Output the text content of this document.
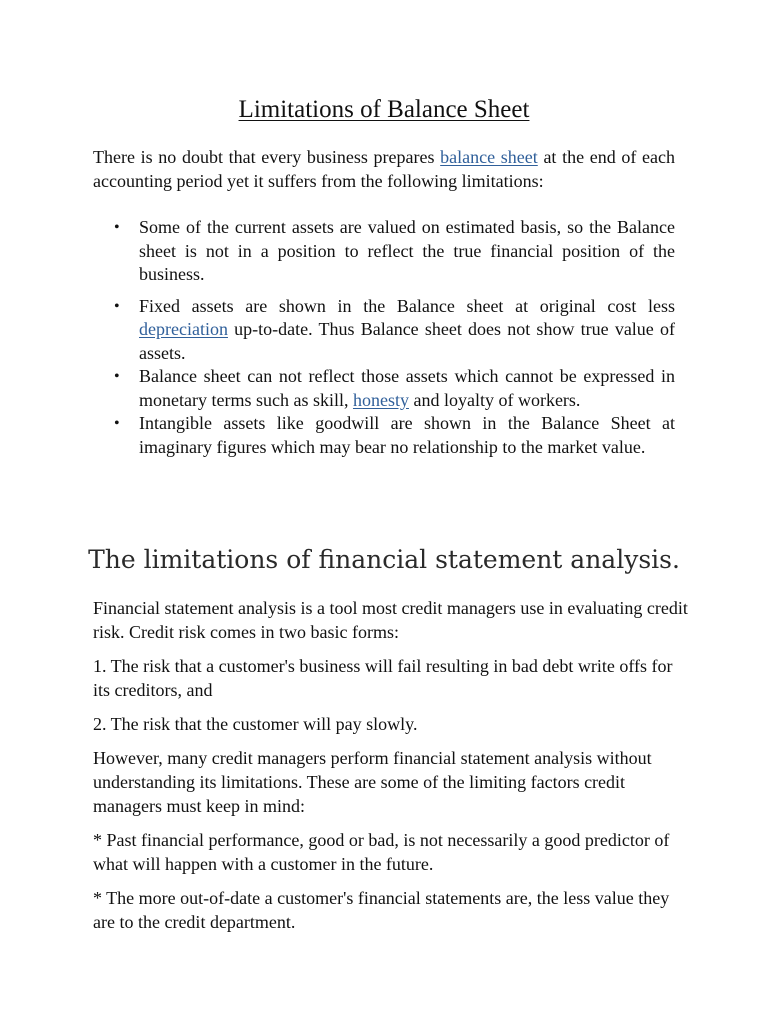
Limitations of Balance Sheet

There is no doubt that every business prepares balance sheet at the end of each accounting period yet it suffers from the following limitations:

• Some of the current assets are valued on estimated basis, so the Balance sheet is not in a position to reflect the true financial position of the business.
• Fixed assets are shown in the Balance sheet at original cost less depreciation up-to-date. Thus Balance sheet does not show true value of assets.
• Balance sheet can not reflect those assets which cannot be expressed in monetary terms such as skill, honesty and loyalty of workers.
• Intangible assets like goodwill are shown in the Balance Sheet at imaginary figures which may bear no relationship to the market value.
The limitations of financial statement analysis.

Financial statement analysis is a tool most credit managers use in evaluating credit risk. Credit risk comes in two basic forms:

1. The risk that a customer's business will fail resulting in bad debt write offs for its creditors, and

2. The risk that the customer will pay slowly.

However, many credit managers perform financial statement analysis without understanding its limitations. These are some of the limiting factors credit managers must keep in mind:

* Past financial performance, good or bad, is not necessarily a good predictor of what will happen with a customer in the future.

* The more out-of-date a customer's financial statements are, the less value they are to the credit department.
